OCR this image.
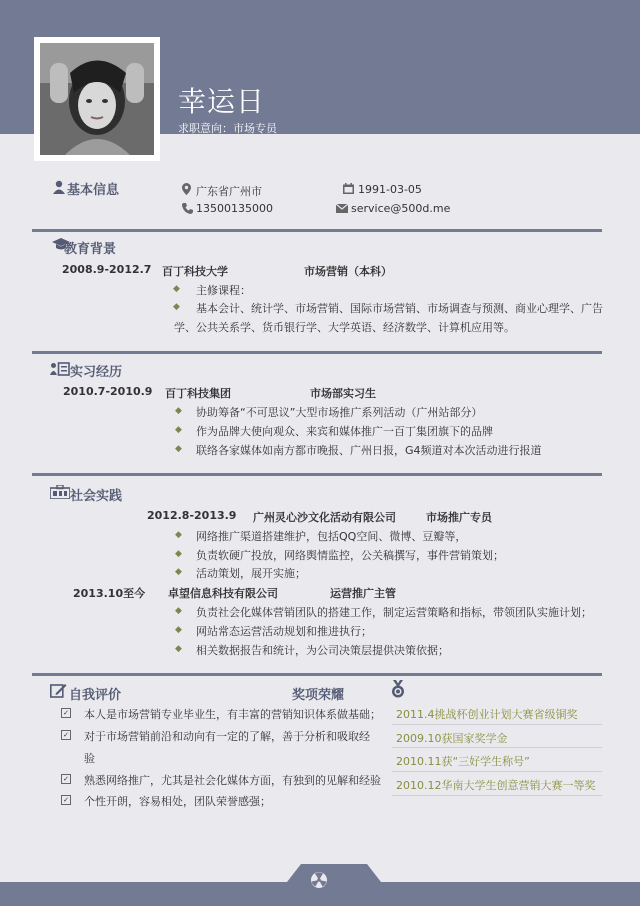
幸运日
求职意向：市场专员
基本信息	广东省广州市	1991-03-05
13500135000	service@500d.me
教育背景
2008.9-2012.7 百丁科技大学	市场营销（本科）
◆ 主修课程：
◆ 基本会计、统计学、市场营销、国际市场营销、市场调查与预测、商业心理学、广告
学、公共关系学、货币银行学、大学英语、经济数学、计算机应用等。
实习经历
2010.7-2010.9 百丁科技集团	市场部实习生
◆ 协助筹备“不可思议”大型市场推广系列活动（广州站部分）
◆ 作为品牌大使向观众、来宾和媒体推广一百丁集团旗下的品牌
◆ 联络各家媒体如南方都市晚报、广州日报，G4频道对本次活动进行报道
社会实践
2012.8-2013.9 广州灵心沙文化活动有限公司	市场推广专员
◆ 网络推广渠道搭建维护，包括QQ空间、微博、豆瓣等，
◆ 负责软硬广投放，网络舆情监控，公关稿撰写，事件营销策划；
◆ 活动策划，展开实施；
2013.10至今 卓望信息科技有限公司	运营推广主管
◆ 负责社会化媒体营销团队的搭建工作，制定运营策略和指标，带领团队实施计划；
◆ 网站常态运营活动规划和推进执行；
◆ 相关数据报告和统计，为公司决策层提供决策依据；
自我评价
✓ 本人是市场营销专业毕业生，有丰富的营销知识体系做基础；
✓ 对于市场营销前沿和动向有一定的了解，善于分析和吸取经
验
✓ 熟悉网络推广，尤其是社会化媒体方面，有独到的见解和经验
✓ 个性开朗，容易相处，团队荣誉感强；
奖项荣耀
2011.4挑战杯创业计划大赛省级铜奖
2009.10获国家奖学金
2010.11获“三好学生称号”
2010.12华南大学生创意营销大赛一等奖
